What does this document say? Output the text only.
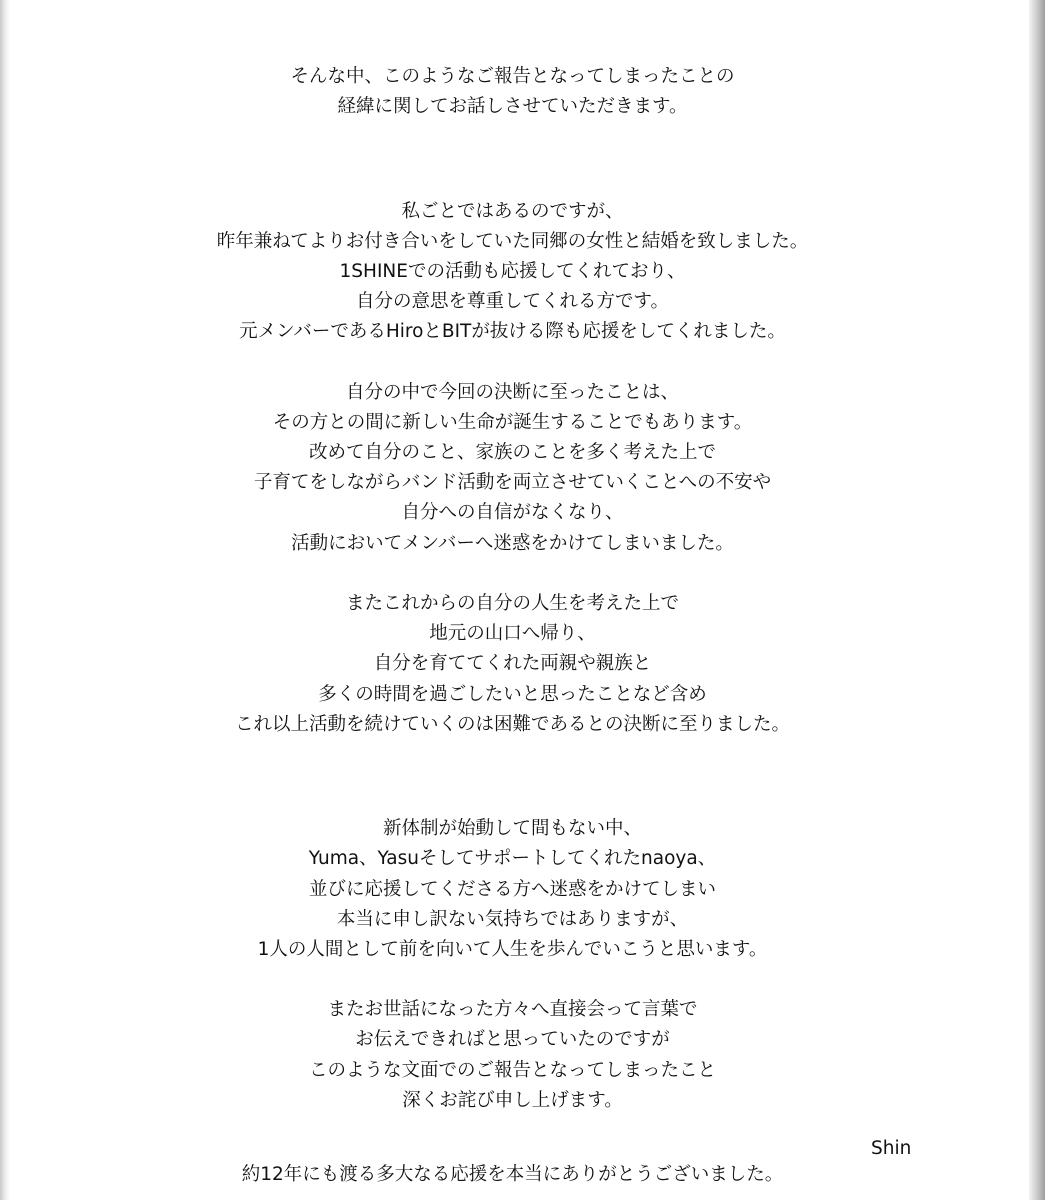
そんな中、このようなご報告となってしまったことの
経緯に関してお話しさせていただきます。
私ごとではあるのですが、
昨年兼ねてよりお付き合いをしていた同郷の女性と結婚を致しました。
1SHINEでの活動も応援してくれており、
自分の意思を尊重してくれる方です。
元メンバーであるHiroとBITが抜ける際も応援をしてくれました。
自分の中で今回の決断に至ったことは、
その方との間に新しい生命が誕生することでもあります。
改めて自分のこと、家族のことを多く考えた上で
子育てをしながらバンド活動を両立させていくことへの不安や
自分への自信がなくなり、
活動においてメンバーへ迷惑をかけてしまいました。
またこれからの自分の人生を考えた上で
地元の山口へ帰り、
自分を育ててくれた両親や親族と
多くの時間を過ごしたいと思ったことなど含め
これ以上活動を続けていくのは困難であるとの決断に至りました。
新体制が始動して間もない中、
Yuma、Yasuそしてサポートしてくれたnaoya、
並びに応援してくださる方へ迷惑をかけてしまい
本当に申し訳ない気持ちではありますが、
1人の人間として前を向いて人生を歩んでいこうと思います。
またお世話になった方々へ直接会って言葉で
お伝えできればと思っていたのですが
このような文面でのご報告となってしまったこと
深くお詫び申し上げます。
約12年にも渡る多大なる応援を本当にありがとうございました。
Shin
